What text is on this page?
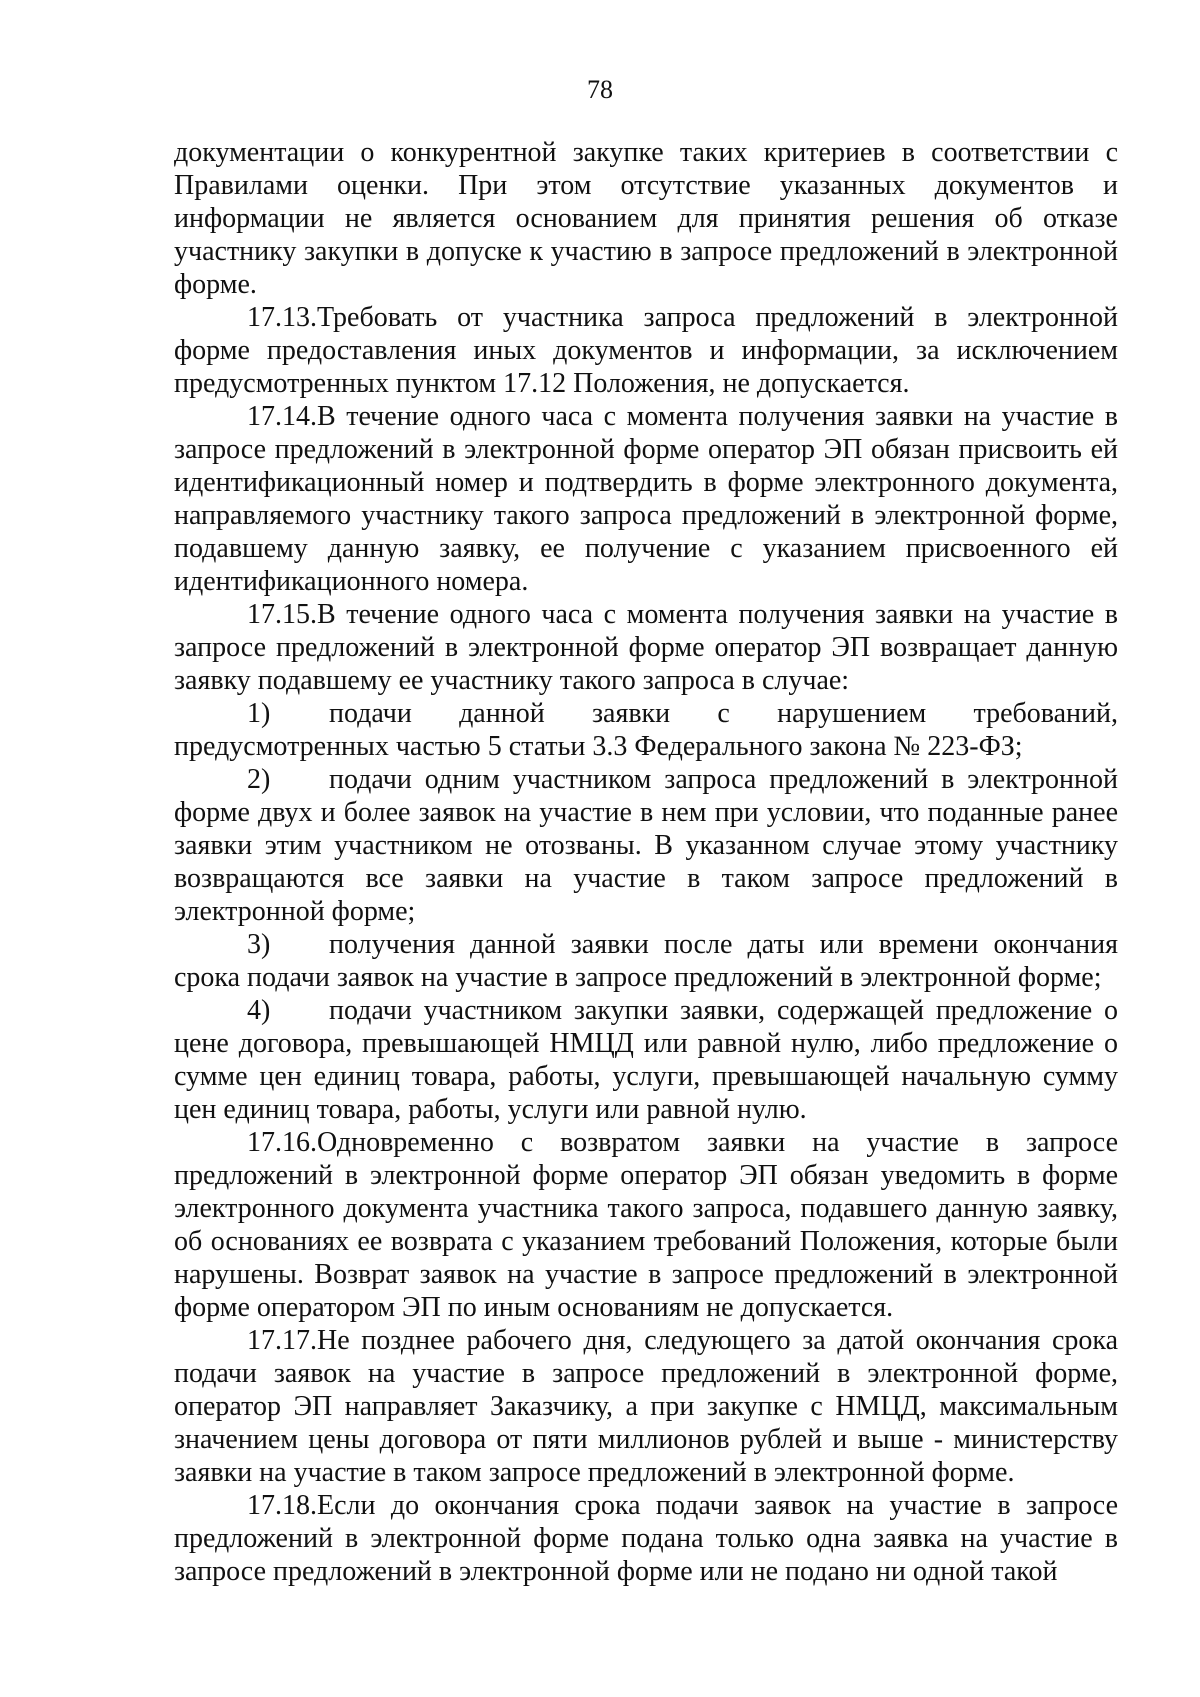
78

документации о конкурентной закупке таких критериев в соответствии с Правилами оценки. При этом отсутствие указанных документов и информации не является основанием для принятия решения об отказе участнику закупки в допуске к участию в запросе предложений в электронной форме.

17.13.Требовать от участника запроса предложений в электронной форме предоставления иных документов и информации, за исключением предусмотренных пунктом 17.12 Положения, не допускается.

17.14.В течение одного часа с момента получения заявки на участие в запросе предложений в электронной форме оператор ЭП обязан присвоить ей идентификационный номер и подтвердить в форме электронного документа, направляемого участнику такого запроса предложений в электронной форме, подавшему данную заявку, ее получение с указанием присвоенного ей идентификационного номера.

17.15.В течение одного часа с момента получения заявки на участие в запросе предложений в электронной форме оператор ЭП возвращает данную заявку подавшему ее участнику такого запроса в случае:

1) подачи данной заявки с нарушением требований, предусмотренных частью 5 статьи 3.3 Федерального закона № 223-ФЗ;

2) подачи одним участником запроса предложений в электронной форме двух и более заявок на участие в нем при условии, что поданные ранее заявки этим участником не отозваны. В указанном случае этому участнику возвращаются все заявки на участие в таком запросе предложений в электронной форме;

3) получения данной заявки после даты или времени окончания срока подачи заявок на участие в запросе предложений в электронной форме;

4) подачи участником закупки заявки, содержащей предложение о цене договора, превышающей НМЦД или равной нулю, либо предложение о сумме цен единиц товара, работы, услуги, превышающей начальную сумму цен единиц товара, работы, услуги или равной нулю.

17.16.Одновременно с возвратом заявки на участие в запросе предложений в электронной форме оператор ЭП обязан уведомить в форме электронного документа участника такого запроса, подавшего данную заявку, об основаниях ее возврата с указанием требований Положения, которые были нарушены. Возврат заявок на участие в запросе предложений в электронной форме оператором ЭП по иным основаниям не допускается.

17.17.Не позднее рабочего дня, следующего за датой окончания срока подачи заявок на участие в запросе предложений в электронной форме, оператор ЭП направляет Заказчику, а при закупке с НМЦД, максимальным значением цены договора от пяти миллионов рублей и выше - министерству заявки на участие в таком запросе предложений в электронной форме.

17.18.Если до окончания срока подачи заявок на участие в запросе предложений в электронной форме подана только одна заявка на участие в запросе предложений в электронной форме или не подано ни одной такой
